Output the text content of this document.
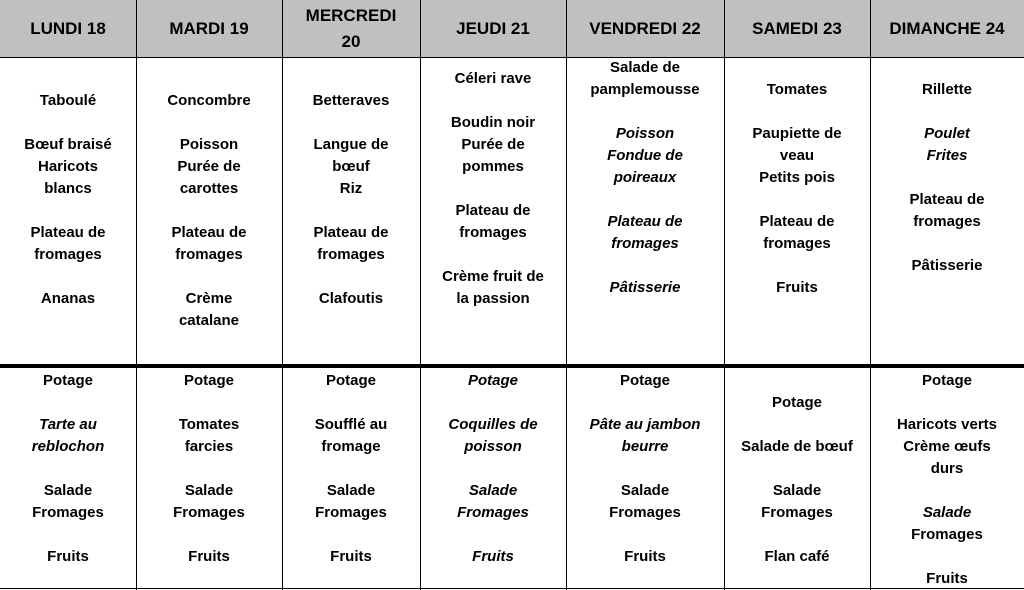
LUNDI 18
Taboulé
Bœuf braisé
Haricots
blancs
Plateau de
fromages
Ananas
Potage
Tarte au
reblochon
Salade
Fromages
Fruits
MARDI 19
Concombre
Poisson
Purée de
carottes
Plateau de
fromages
Crème
catalane
Potage
Tomates
farcies
Salade
Fromages
Fruits
MERCREDI 20
Betteraves
Langue de
bœuf
Riz
Plateau de
fromages
Clafoutis
Potage
Soufflé au
fromage
Salade
Fromages
Fruits
JEUDI 21
Céleri rave
Boudin noir
Purée de
pommes
Plateau de
fromages
Crème fruit de
la passion
Potage
Coquilles de
poisson
Salade
Fromages
Fruits
VENDREDI 22
Salade de
pamplemousse
Poisson
Fondue de
poireaux
Plateau de
fromages
Pâtisserie
Potage
Pâte au jambon
beurre
Salade
Fromages
Fruits
SAMEDI 23
Tomates
Paupiette de
veau
Petits pois
Plateau de
fromages
Fruits
Potage
Salade de bœuf
Salade
Fromages
Flan café
DIMANCHE 24
Rillette
Poulet
Frites
Plateau de
fromages
Pâtisserie
Potage
Haricots verts
Crème œufs
durs
Salade
Fromages
Fruits
